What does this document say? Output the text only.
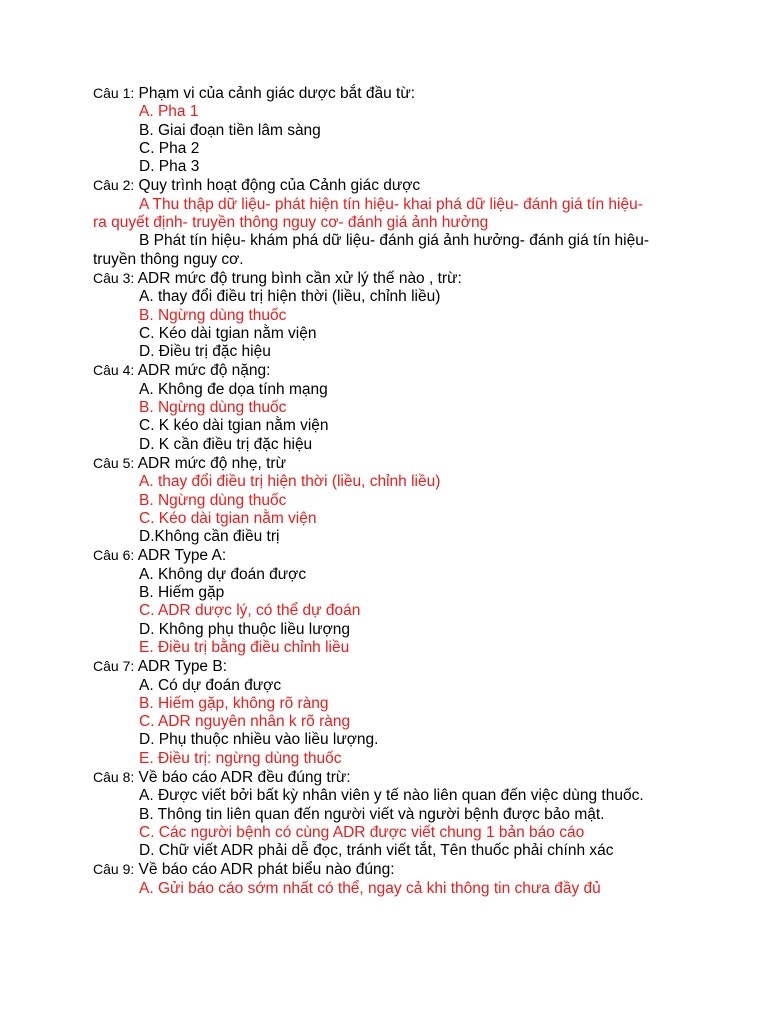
Câu 1: Phạm vi của cảnh giác dược bắt đầu từ:
A. Pha 1
B. Giai đoạn tiền lâm sàng
C. Pha 2
D. Pha 3
Câu 2: Quy trình hoạt động của Cảnh giác dược
A Thu thập dữ liệu- phát hiện tín hiệu- khai phá dữ liệu- đánh giá tín hiệu- ra quyết định- truyền thông nguy cơ- đánh giá ảnh hưởng
B Phát tín hiệu- khám phá dữ liệu- đánh giá ảnh hưởng- đánh giá tín hiệu- truyền thông nguy cơ.
Câu 3: ADR mức độ trung bình cần xử lý thế nào , trừ:
A. thay đổi điều trị hiện thời (liều, chỉnh liều)
B. Ngừng dùng thuốc
C. Kéo dài tgian nằm viện
D. Điều trị đặc hiệu
Câu 4: ADR mức độ nặng:
A. Không đe dọa tính mạng
B. Ngừng dùng thuốc
C. K kéo dài tgian nằm viện
D. K cần điều trị đặc hiệu
Câu 5: ADR mức độ nhẹ, trừ
A. thay đổi điều trị hiện thời (liều, chỉnh liều)
B. Ngừng dùng thuốc
C. Kéo dài tgian nằm viện
D.Không cần điều trị
Câu 6: ADR Type A:
A. Không dự đoán được
B. Hiếm gặp
C. ADR dược lý, có thể dự đoán
D. Không phụ thuộc liều lượng
E. Điều trị bằng điều chỉnh liều
Câu 7: ADR Type B:
A. Có dự đoán được
B. Hiếm gặp, không rõ ràng
C. ADR nguyên nhân k rõ ràng
D. Phụ thuộc nhiều vào liều lượng.
E. Điều trị: ngừng dùng thuốc
Câu 8: Về báo cáo ADR đều đúng trừ:
A. Được viết bởi bất kỳ nhân viên y tế nào liên quan đến việc dùng thuốc.
B. Thông tin liên quan đến người viết và người bệnh được bảo mật.
C. Các người bệnh có cùng ADR được viết chung 1 bản báo cáo
D. Chữ viết ADR phải dễ đọc, tránh viết tắt, Tên thuốc phải chính xác
Câu 9: Về báo cáo ADR phát biểu nào đúng:
A. Gửi báo cáo sớm nhất có thể, ngay cả khi thông tin chưa đầy đủ
